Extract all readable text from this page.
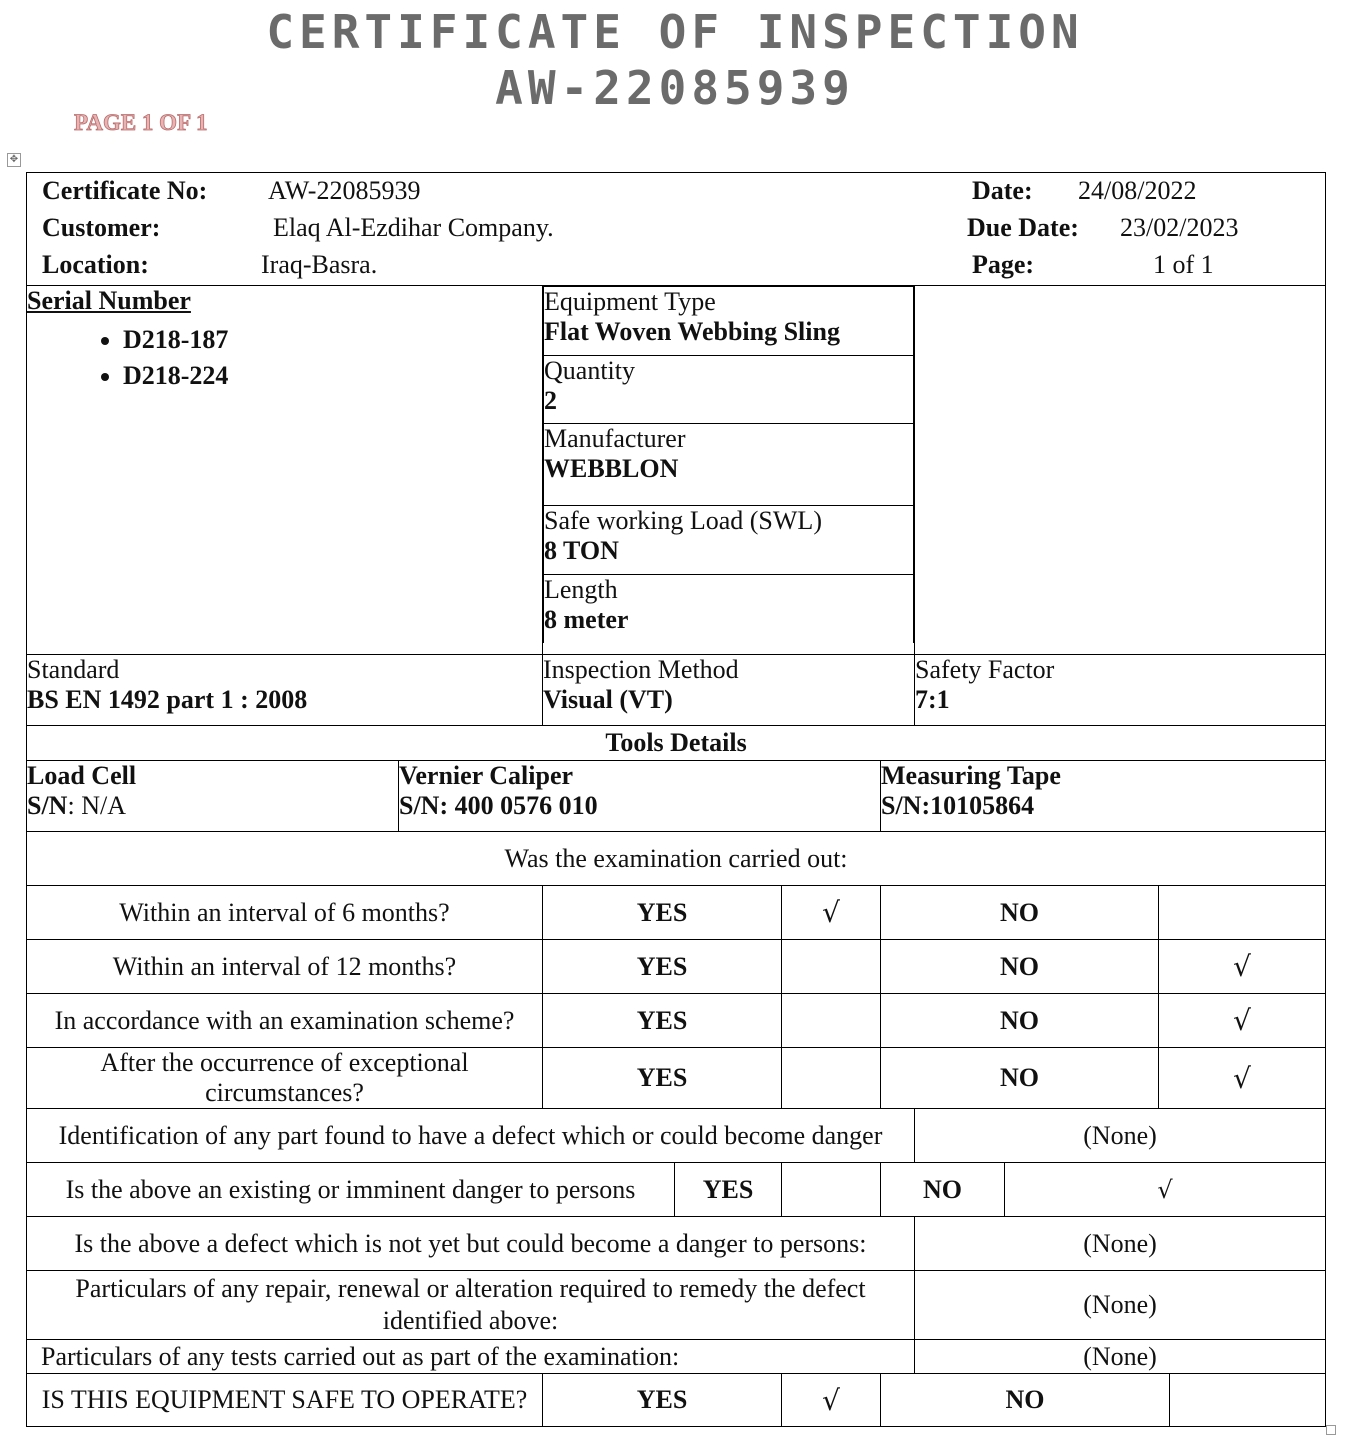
CERTIFICATE OF INSPECTION
AW-22085939
PAGE 1 OF 1
✥
Certificate No: AW-22085939
Customer:	Elaq Al-Ezdihar Company.
Location:	Iraq-Basra.
Date: 24/08/2022
Due Date: 23/02/2023
Page:	1 of 1

Serial Number
• D218-187
• D218-224

Equipment Type
Flat Woven Webbing Sling

Quantity
2

Manufacturer
WEBBLON

Safe working Load (SWL)
8 TON

Length
8 meter

Standard
BS EN 1492 part 1 : 2008

Inspection Method
Visual (VT)

Safety Factor
7:1

Tools Details

Load Cell
S/N: N/A	
Vernier Caliper
S/N: 400 0576 010

Measuring Tape
S/N:10105864

Was the examination carried out:
Within an interval of 6 months?	YES	√	NO	
Within an interval of 12 months?	YES		NO	√
In accordance with an examination scheme?	YES		NO	√
After the occurrence of exceptional circumstances?	YES		NO	√
Identification of any part found to have a defect which or could become danger	(None)
Is the above an existing or imminent danger to persons	YES		NO	√
Is the above a defect which is not yet but could become a danger to persons:	(None)
Particulars of any repair, renewal or alteration required to remedy the defect identified above:	(None)
Particulars of any tests carried out as part of the examination:	(None)
IS THIS EQUIPMENT SAFE TO OPERATE?	YES	√	NO	
